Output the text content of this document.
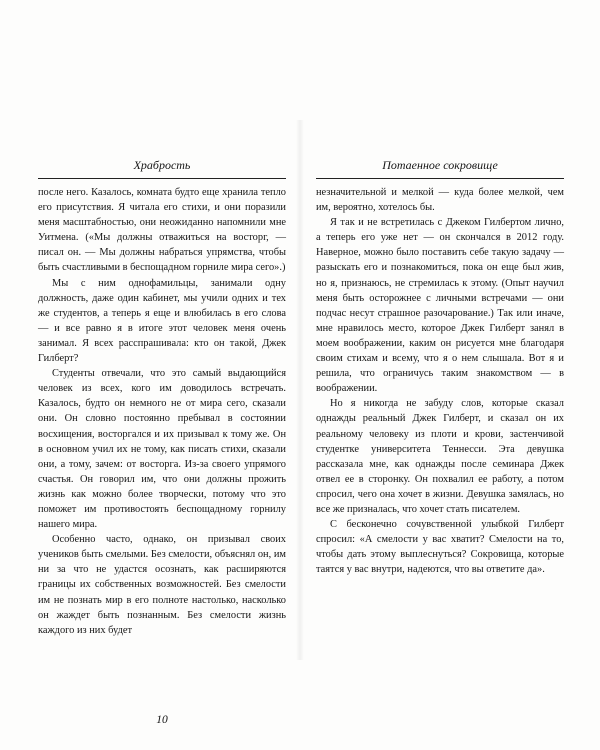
Храбрость

после него. Казалось, комната будто еще хранила тепло его присутствия. Я читала его стихи, и они поразили меня масштабностью, они неожиданно напомнили мне Уитмена. («Мы должны отважиться на восторг, — писал он. — Мы должны набраться упрямства, чтобы быть счастливыми в беспощадном горниле мира сего».)

Мы с ним однофамильцы, занимали одну должность, даже один кабинет, мы учили одних и тех же студентов, а теперь я еще и влюбилась в его слова — и все равно я в итоге этот человек меня очень занимал. Я всех расспрашивала: кто он такой, Джек Гилберт?

Студенты отвечали, что это самый выдающийся человек из всех, кого им доводилось встречать. Казалось, будто он немного не от мира сего, сказали они. Он словно постоянно пребывал в состоянии восхищения, восторгался и их призывал к тому же. Он в основном учил их не тому, как писать стихи, сказали они, а тому, зачем: от восторга. Из-за своего упрямого счастья. Он говорил им, что они должны прожить жизнь как можно более творчески, потому что это поможет им противостоять беспощадному горнилу нашего мира.

Особенно часто, однако, он призывал своих учеников быть смелыми. Без смелости, объяснял он, им ни за что не удастся осознать, как расширяются границы их собственных возможностей. Без смелости им не познать мир в его полноте настолько, насколько он жаждет быть познанным. Без смелости жизнь каждого из них будет

10
Потаенное сокровище

незначительной и мелкой — куда более мелкой, чем им, вероятно, хотелось бы.

Я так и не встретилась с Джеком Гилбертом лично, а теперь его уже нет — он скончался в 2012 году. Наверное, можно было поставить себе такую задачу — разыскать его и познакомиться, пока он еще был жив, но я, признаюсь, не стремилась к этому. (Опыт научил меня быть осторожнее с личными встречами — они подчас несут страшное разочарование.) Так или иначе, мне нравилось место, которое Джек Гилберт занял в моем воображении, каким он рисуется мне благодаря своим стихам и всему, что я о нем слышала. Вот я и решила, что ограничусь таким знакомством — в воображении.

Но я никогда не забуду слов, которые сказал однажды реальный Джек Гилберт, и сказал он их реальному человеку из плоти и крови, застенчивой студентке университета Теннесси. Эта девушка рассказала мне, как однажды после семинара Джек отвел ее в сторонку. Он похвалил ее работу, а потом спросил, чего она хочет в жизни. Девушка замялась, но все же призналась, что хочет стать писателем.

С бесконечно сочувственной улыбкой Гилберт спросил: «А смелости у вас хватит? Смелости на то, чтобы дать этому выплеснуться? Сокровища, которые таятся у вас внутри, надеются, что вы ответите да».
